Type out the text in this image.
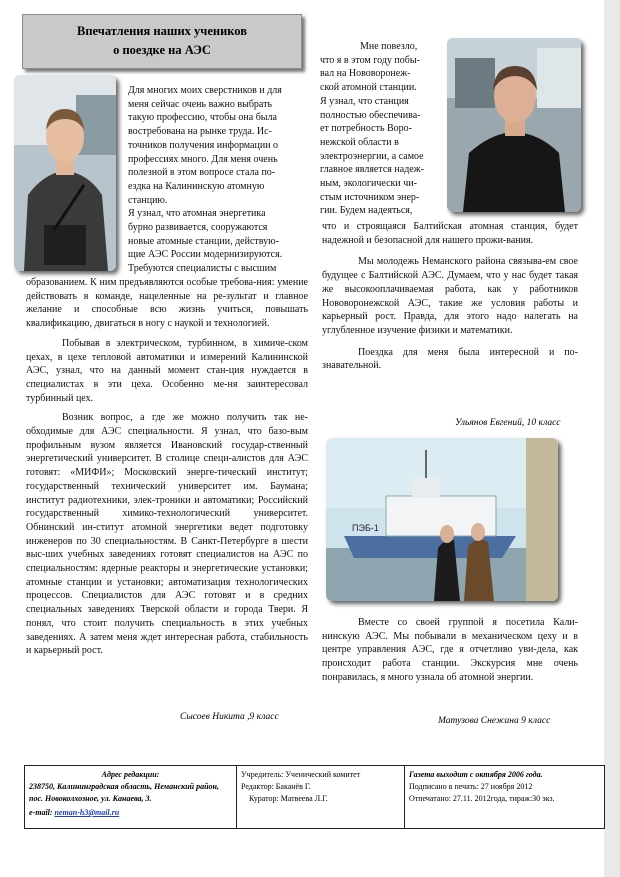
Впечатления наших учеников
о поездке на АЭС
ПЭБ-1

Для многих моих сверстников и для

меня сейчас очень важно выбрать

такую профессию, чтобы она была

востребована на рынке труда. Ис-

точников получения информации о

профессиях много. Для меня очень

полезной в этом вопросе стала по-

ездка на Калининскую атомную

станцию.

Я узнал, что атомная энергетика

бурно развивается, сооружаются

новые атомные станции, действую-

щие АЭС России модернизируются.

Требуются специалисты с высшим

образованием. К ним предъявляются особые требова-ния: умение действовать в команде, нацеленные на ре-зультат и главное желание и способные всю жизнь учиться, повышать квалификацию, двигаться в ногу с наукой и технологией.

Побывав в электрическом, турбинном, в химиче-ском цехах, в цехе тепловой автоматики и измерений Калининской АЭС, узнал, что на данный момент стан-ция нуждается в специалистах в эти цеха. Особенно ме-ня заинтересовал турбинный цех.

Возник вопрос, а где же можно получить так не-обходимые для АЭС специальности. Я узнал, что базо-вым профильным вузом является Ивановский государ-ственный энергетический университет. В столице специ-алистов для АЭС готовят: «МИФИ»; Московский энерге-тический институт; государственный технический университет им. Баумана; институт радиотехники, элек-троники и автоматики; Российский государственный химико-технологический университет. Обнинский ин-ститут атомной энергетики ведет подготовку инженеров по 30 специальностям. В Санкт-Петербурге в шести выс-ших учебных заведениях готовят специалистов на АЭС по специальностям: ядерные реакторы и энергетические установки; атомные станции и установки; автоматизация технологических процессов. Специалистов для АЭС готовят и в средних специальных заведениях Тверской области и города Твери. Я понял, что стоит получить специальность в этих учебных заведениях. А затем меня ждет интересная работа, стабильность и карьерный рост.

Сысоев Никита ,9 класс

Мне повезло,

что я в этом году побы-

вал на Нововоронеж-

ской атомной станции.

Я узнал, что станция

полностью обеспечива-

ет потребность Воро-

нежской области в

электроэнергии, а самое

главное является надеж-

ным, экологически чи-

стым источником энер-

гии. Будем надеяться,

что и строящаяся Балтийская атомная станция, будет надежной и безопасной для нашего прожи-вания.

Мы молодежь Неманского района связыва-ем свое будущее с Балтийской АЭС. Думаем, что у нас будет такая же высокооплачиваемая работа, как у работников Нововоронежской АЭС, такие же условия работы и карьерный рост. Правда, для этого надо налегать на углубленное изучение физики и математики.

Поездка для меня была интересной и по-знавательной.

Ульянов Евгений, 10 класс

Вместе со своей группой я посетила Кали-нинскую АЭС. Мы побывали в механическом цеху и в центре управления АЭС, где я отчетливо уви-дела, как происходит работа станции. Экскурсия мне очень понравилась, я много узнала об атомной энергии.

Матузова Снежана 9 класс
Адрес редакции:
238750, Калининградская область, Неманский район, пос. Новоколхозное, ул. Канаева, 3.
e-mail: neman-h3@mail.ru
Учредитель: Ученический комитет
Редактор: Баканёв Г.
Куратор: Матвеева Л.Г.
Газета выходит с октября 2006 года.
Подписано в печать: 27 ноября 2012
Отпечатано: 27.11. 2012года, тираж:30 экз.
